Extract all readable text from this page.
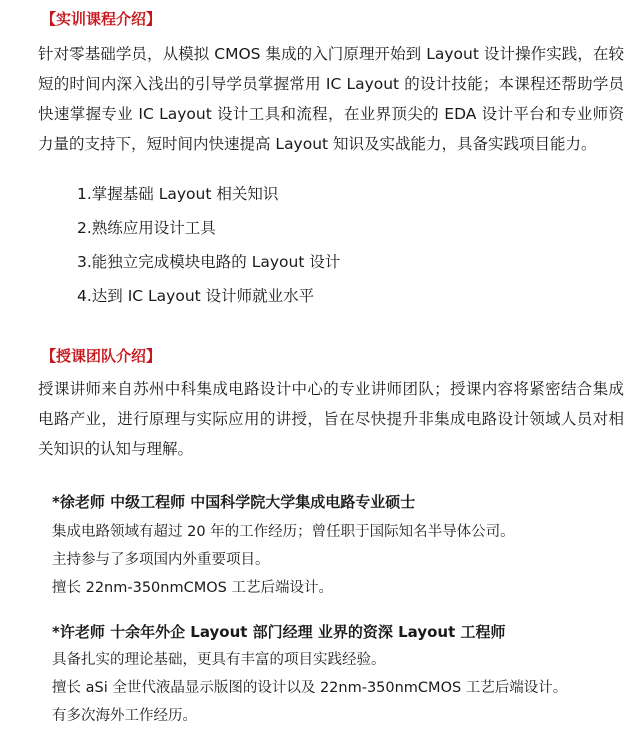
【实训课程介绍】

针对零基础学员，从模拟 CMOS 集成的入门原理开始到 Layout 设计操作实践，在较短的时间内深入浅出的引导学员掌握常用 IC Layout 的设计技能；本课程还帮助学员快速掌握专业 IC Layout 设计工具和流程，在业界顶尖的 EDA 设计平台和专业师资力量的支持下，短时间内快速提高 Layout 知识及实战能力，具备实践项目能力。

1.掌握基础 Layout 相关知识
2.熟练应用设计工具
3.能独立完成模块电路的 Layout 设计
4.达到 IC Layout 设计师就业水平
【授课团队介绍】

授课讲师来自苏州中科集成电路设计中心的专业讲师团队；授课内容将紧密结合集成电路产业，进行原理与实际应用的讲授，旨在尽快提升非集成电路设计领域人员对相关知识的认知与理解。

*徐老师 中级工程师 中国科学院大学集成电路专业硕士
集成电路领域有超过 20 年的工作经历；曾任职于国际知名半导体公司。
主持参与了多项国内外重要项目。
擅长 22nm-350nmCMOS 工艺后端设计。
*许老师 十余年外企 Layout 部门经理 业界的资深 Layout 工程师
具备扎实的理论基础，更具有丰富的项目实践经验。
擅长 aSi 全世代液晶显示版图的设计以及 22nm-350nmCMOS 工艺后端设计。
有多次海外工作经历。
